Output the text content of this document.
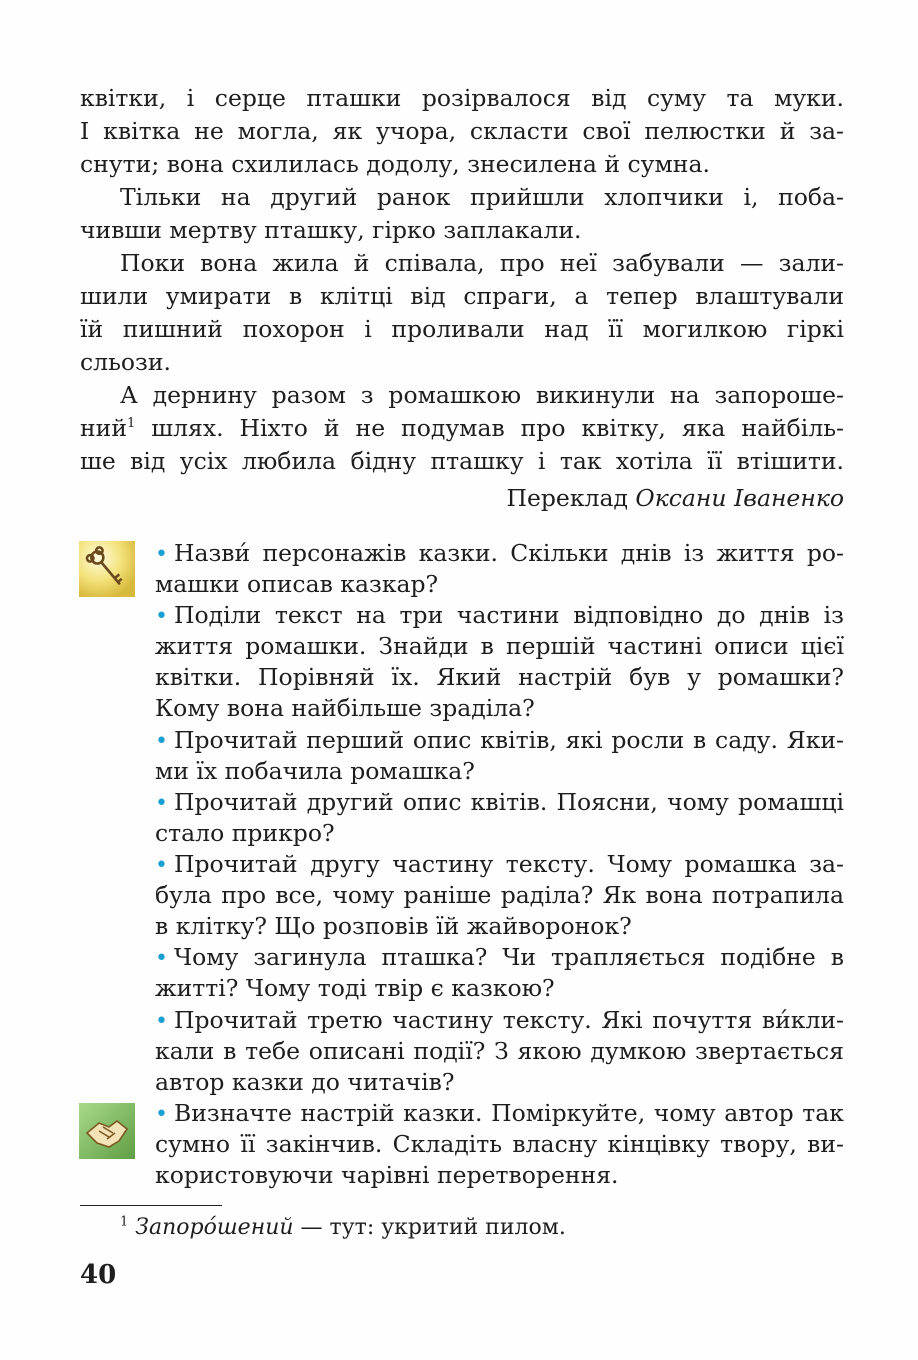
квітки, і серце пташки розірвалося від суму та муки.
І квітка не могла, як учора, скласти свої пелюстки й за-
снути; вона схилилась додолу, знесилена й сумна.
Тільки на другий ранок прийшли хлопчики і, поба-
чивши мертву пташку, гірко заплакали.
Поки вона жила й співала, про неї забували — зали-
шили умирати в клітці від спраги, а тепер влаштували
їй пишний похорон і проливали над її могилкою гіркі
сльози.
А дернину разом з ромашкою викинули на запороше-
ний$^1$ шлях. Ніхто й не подумав про квітку, яка найбіль-
ше від усіх любила бідну пташку і так хотіла її втішити.
Переклад Оксани Іваненко
• Назви́ персонажів казки. Скільки днів із життя ро-
машки описав казкар?
• Поділи текст на три частини відповідно до днів із
життя ромашки. Знайди в першій частині описи цієї
квітки. Порівняй їх. Який настрій був у ромашки?
Кому вона найбільше зраділа?
• Прочитай перший опис квітів, які росли в саду. Яки-
ми їх побачила ромашка?
• Прочитай другий опис квітів. Поясни, чому ромашці
стало прикро?
• Прочитай другу частину тексту. Чому ромашка за-
була про все, чому раніше раділа? Як вона потрапила
в клітку? Що розповів їй жайворонок?
• Чому загинула пташка? Чи трапляється подібне в
житті? Чому тоді твір є казкою?
• Прочитай третю частину тексту. Які почуття ви́кли-
кали в тебе описані події? З якою думкою звертається
автор казки до читачів?
• Визначте настрій казки. Поміркуйте, чому автор так
сумно її закінчив. Складіть власну кінцівку твору, ви-
користовуючи чарівні перетворення.
$^1$ Запоро́шений — тут: укритий пилом.
40
